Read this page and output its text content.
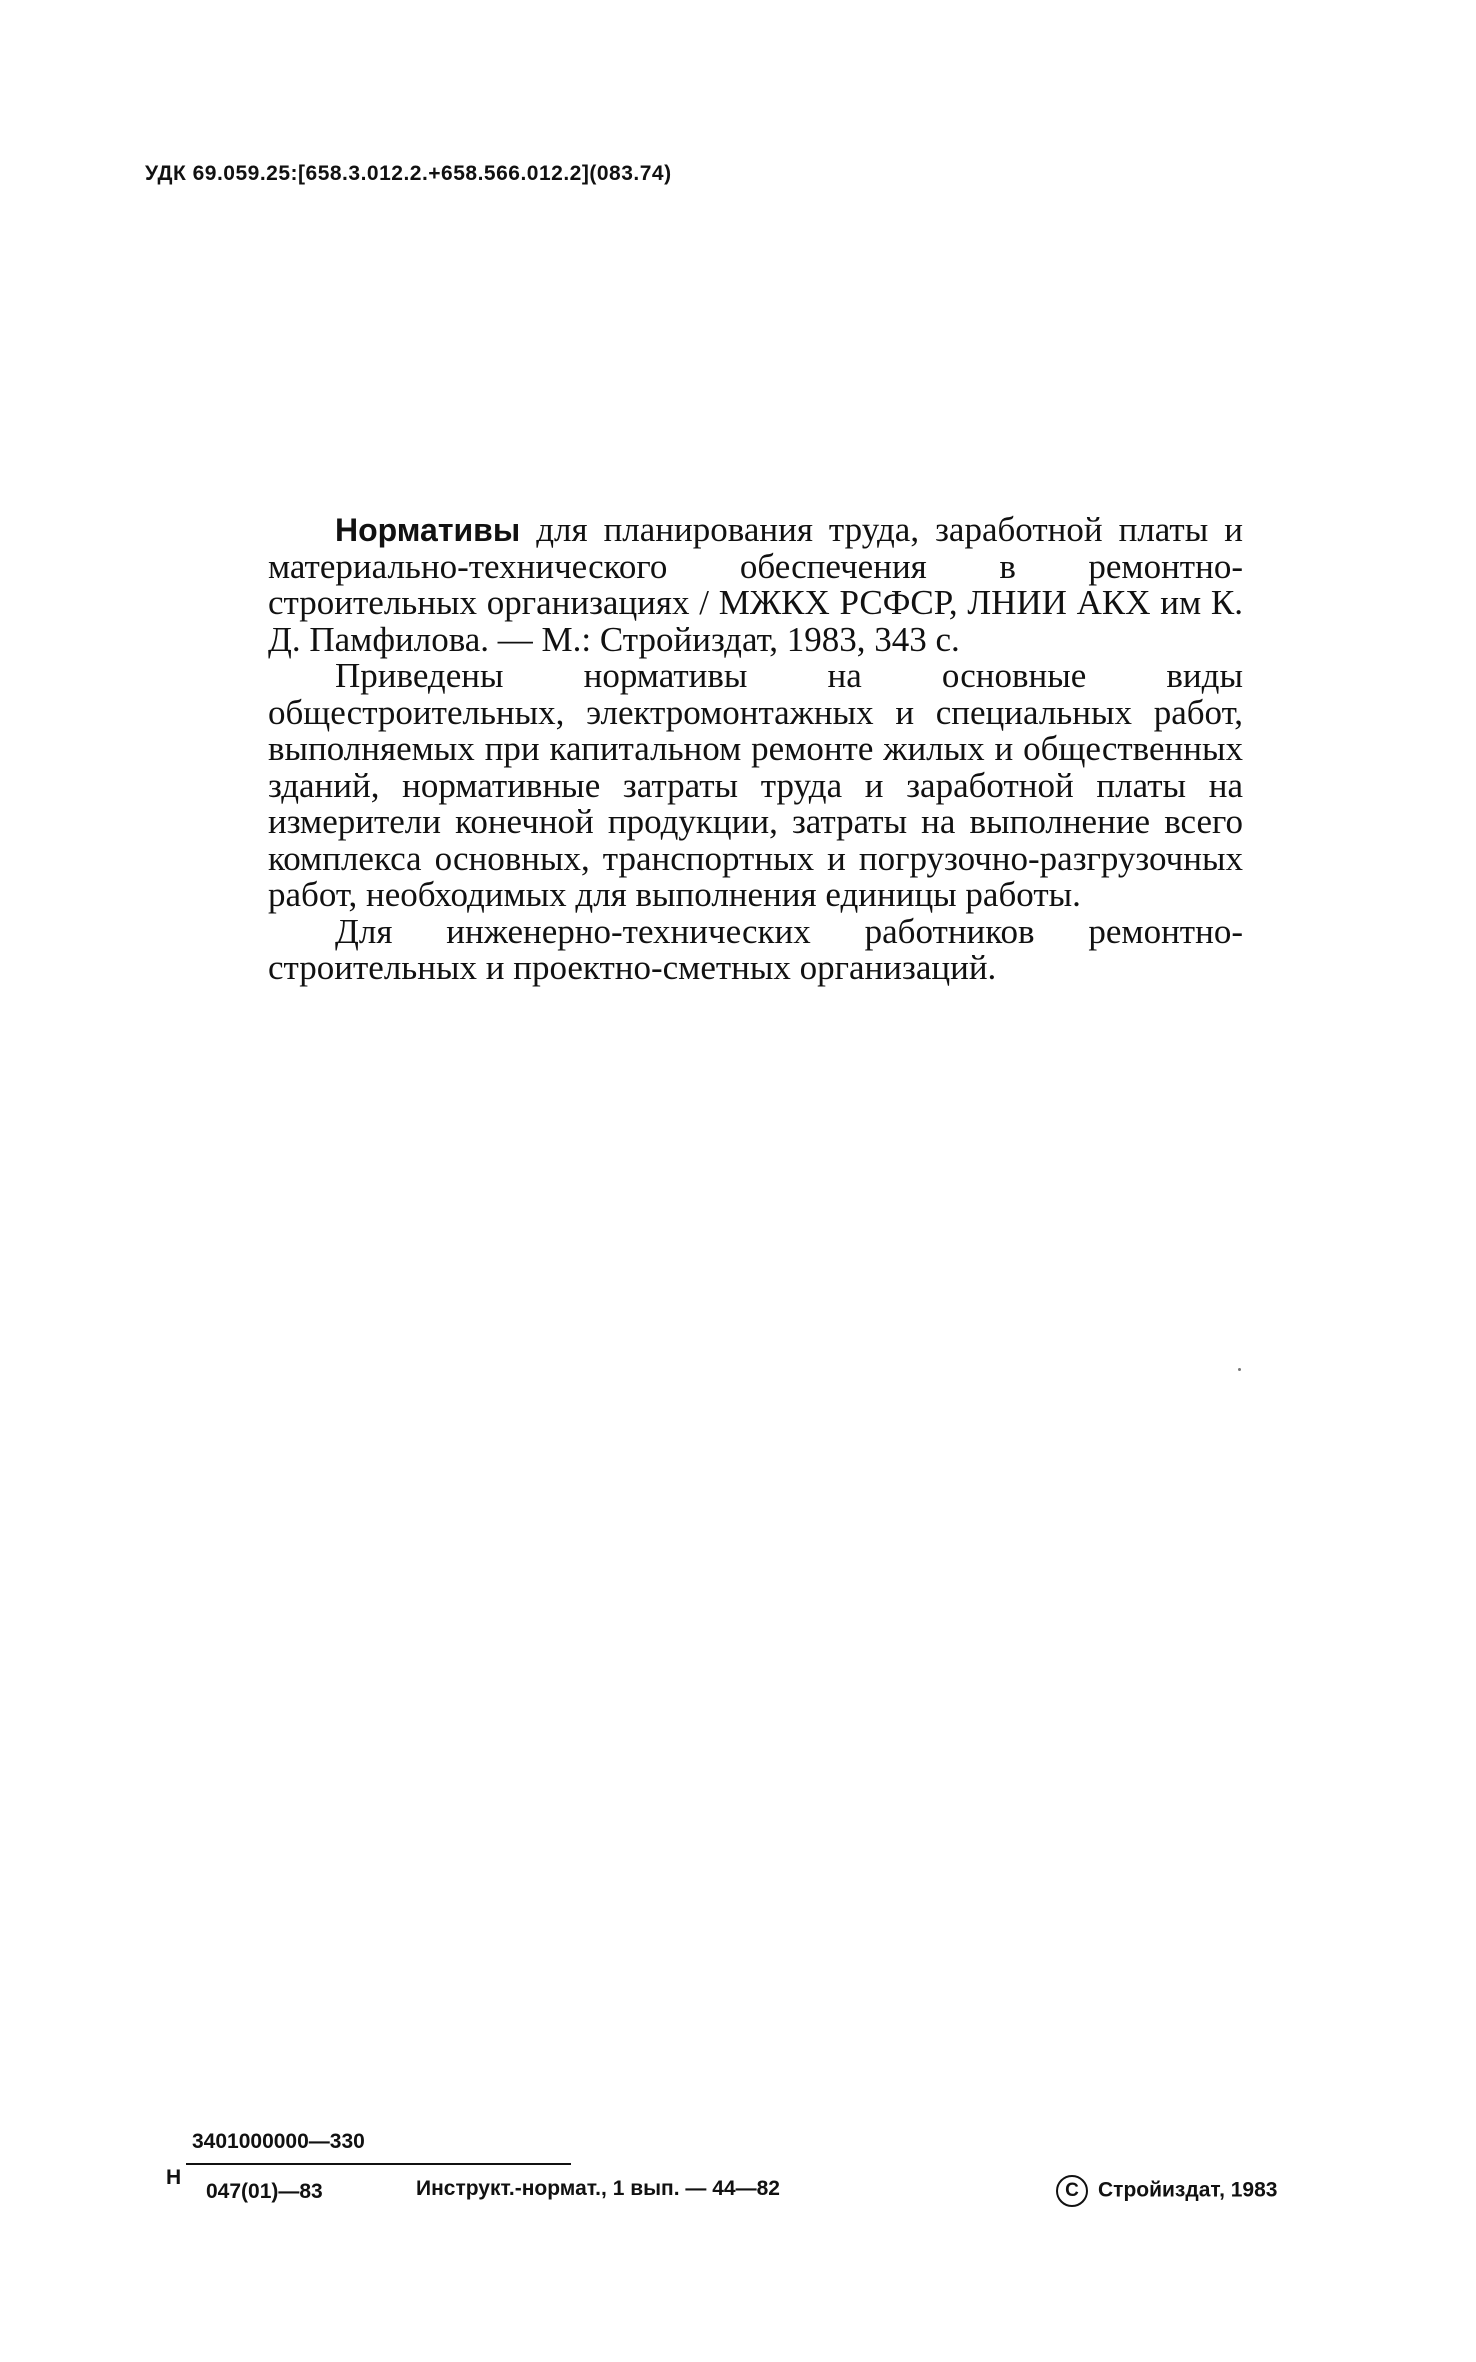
УДК 69.059.25:[658.3.012.2.+658.566.012.2](083.74)

Нормативы для планирования труда, заработной платы и материально-технического обеспечения в ремонтно-строительных организациях / МЖКХ РСФСР, ЛНИИ АКХ им К. Д. Памфилова. — М.: Стройиздат, 1983, 343 с.

Приведены нормативы на основные виды общестроительных, электромонтажных и специальных работ, выполняемых при капитальном ремонте жилых и общественных зданий, нормативные затраты труда и заработной платы на измерители конечной продукции, затраты на выполнение всего комплекса основных, транспортных и погрузочно-разгрузочных работ, необходимых для выполнения единицы работы.

Для инженерно-технических работников ремонтно-строительных и проектно-сметных организаций.

Н
3401000000—330
047(01)—83	Инструкт.-нормат., 1 вып. — 44—82	С Стройиздат, 1983
